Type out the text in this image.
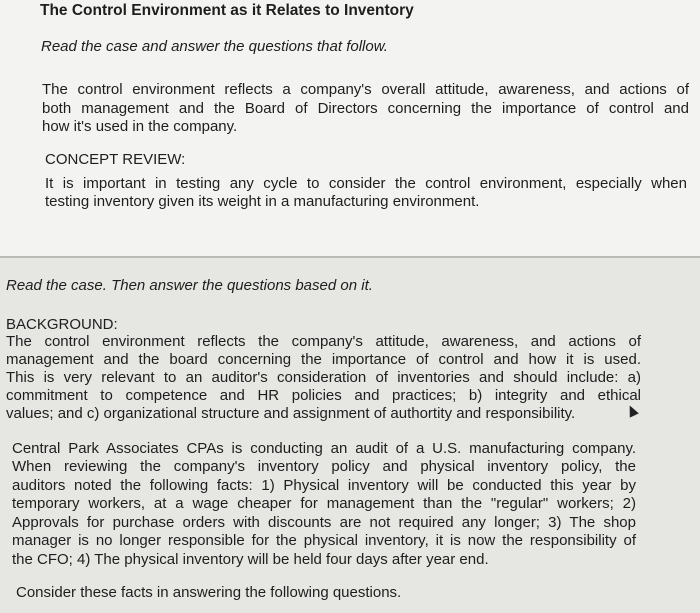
The Control Environment as it Relates to Inventory
Read the case and answer the questions that follow.
The control environment reflects a company's overall attitude, awareness, and actions of
both management and the Board of Directors concerning the importance of control and
how it's used in the company.
CONCEPT REVIEW:
It is important in testing any cycle to consider the control environment, especially when
testing inventory given its weight in a manufacturing environment.
Read the case. Then answer the questions based on it.
BACKGROUND:
The control environment reflects the company's attitude, awareness, and actions of
management and the board concerning the importance of control and how it is used.
This is very relevant to an auditor's consideration of inventories and should include: a)
commitment to competence and HR policies and practices; b) integrity and ethical
values; and c) organizational structure and assignment of authortity and responsibility.
Central Park Associates CPAs is conducting an audit of a U.S. manufacturing company.
When reviewing the company's inventory policy and physical inventory policy, the
auditors noted the following facts: 1) Physical inventory will be conducted this year by
temporary workers, at a wage cheaper for management than the "regular" workers; 2)
Approvals for purchase orders with discounts are not required any longer; 3) The shop
manager is no longer responsible for the physical inventory, it is now the responsibility of
the CFO; 4) The physical inventory will be held four days after year end.
Consider these facts in answering the following questions.
